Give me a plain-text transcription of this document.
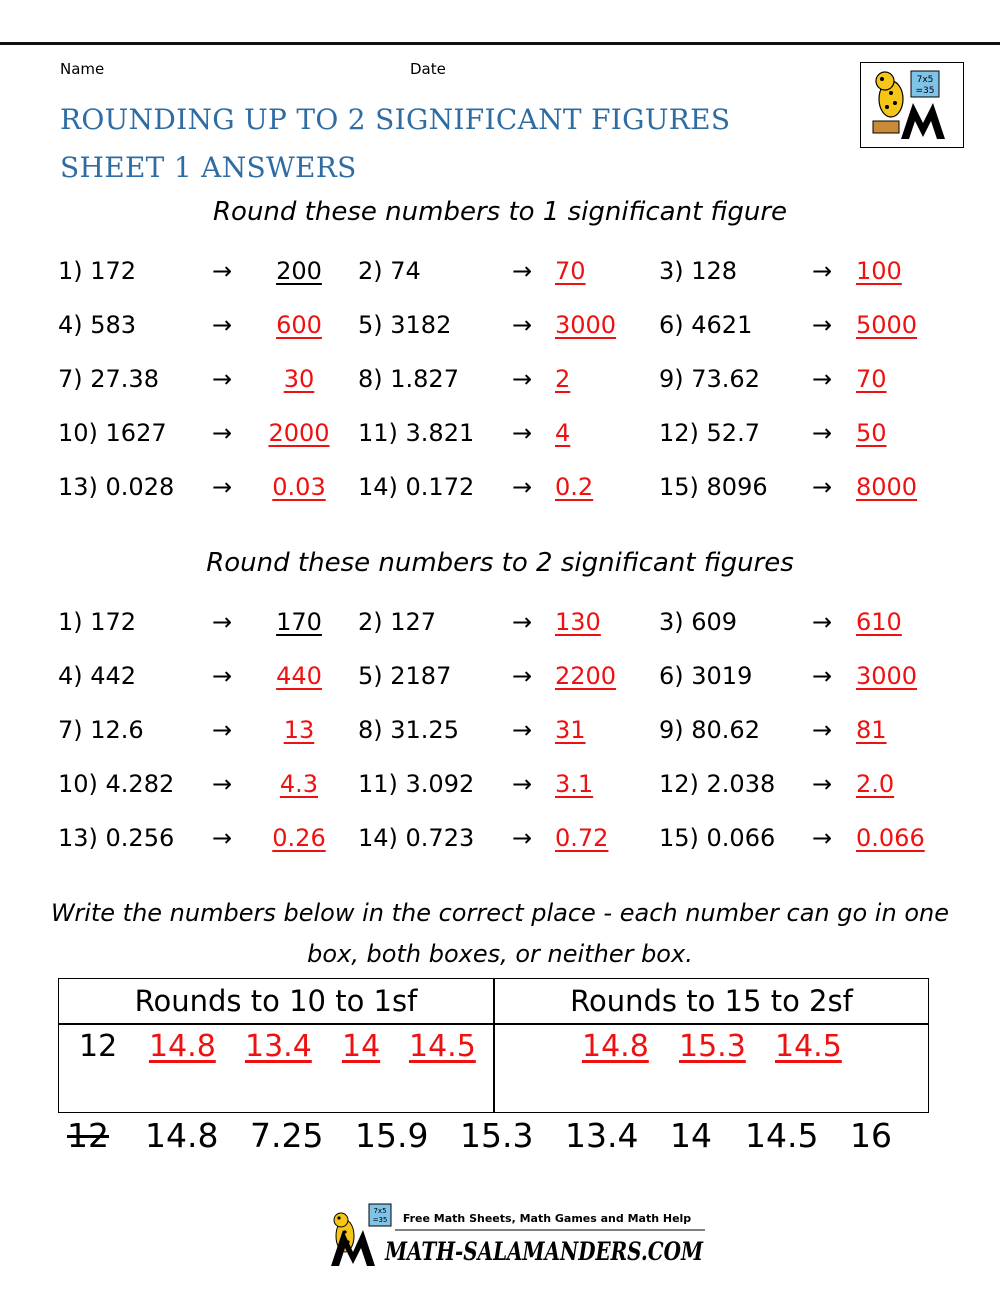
Name	Date
ROUNDING UP TO 2 SIGNIFICANT FIGURES
SHEET 1 ANSWERS
7x5
=35
Round these numbers to 1 significant figure
1) 172	→	200	2) 74	→ 70	3) 128	→ 100
4) 583	→	600	5) 3182	→ 3000 6) 4621 → 5000
7) 27.38 →	30	8) 1.827 → 2	9) 73.62 → 70
10) 1627 → 2000 11) 3.821 → 4	12) 52.7 → 50
13) 0.028 →	0.03	14) 0.172 → 0.2	15) 8096 → 8000
Round these numbers to 2 significant figures
1) 172	→	170	2) 127	→ 130 3) 609	→ 610
4) 442	→	440	5) 2187	→ 2200 6) 3019 → 3000
7) 12.6	→	13	8) 31.25 → 31	9) 80.62 → 81
10) 4.282 →	4.3	11) 3.092 → 3.1	12) 2.038 → 2.0
13) 0.256 →	0.26	14) 0.723 → 0.72 15) 0.066 → 0.066
Write the numbers below in the correct place - each number can go in one
box, both boxes, or neither box.
Rounds to 10 to 1sf	Rounds to 15 to 2sf
12 14.8 13.4 14 14.5	14.8 15.3 14.5
12 14.8 7.25 15.9 15.3 13.4 14 14.5 16
7x5
=35 Free Math Sheets, Math Games and Math Help
MATH-SALAMANDERS.COM
